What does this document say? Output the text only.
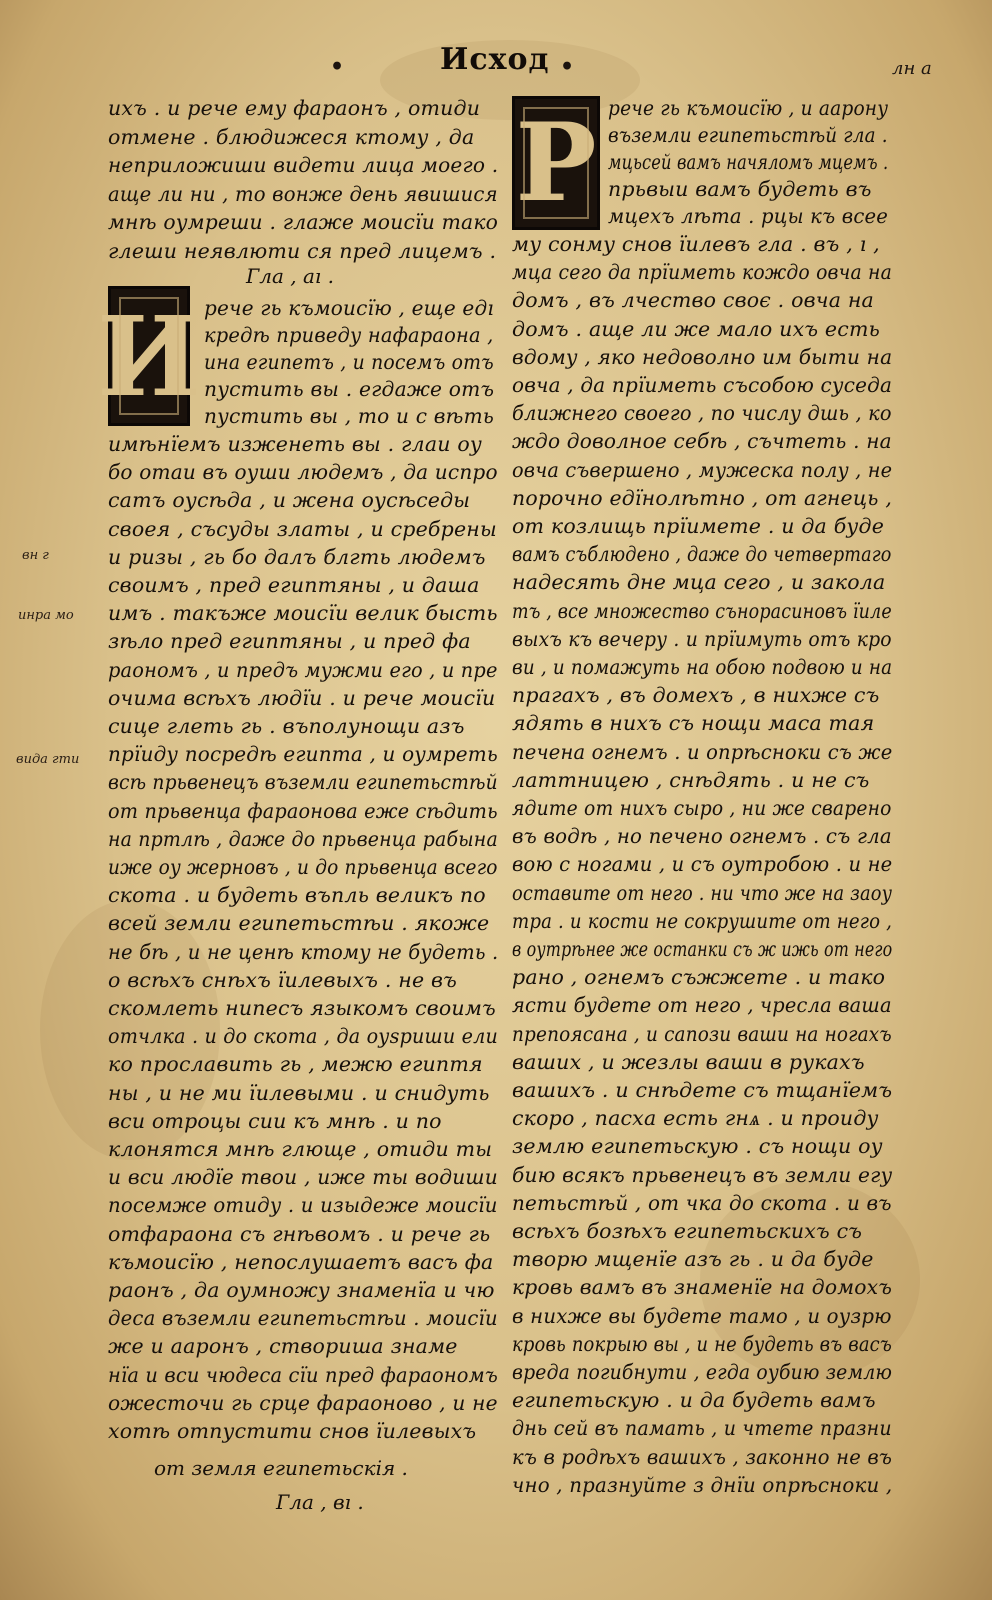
•	Исход •	лн а
ихъ . и рече ему фараонъ , отиди
отмене . блюдижеся ктому , да
неприложиши видети лица моего .
аще ли ни , то вонже день явишися
мнѣ оумреши . глаже моисїи тако
глеши неявлюти ся пред лицемъ .
Гла , аı .
И рече гь къмоисїю , еще едı
кредѣ приведу нафараона ,
ина египетъ , и посемъ отъ
пустить вы . егдаже отъ
пустить вы , то и с вѣть
имѣнїемъ изженеть вы . глаи оу
бо отаи въ оуши людемъ , да испро
сатъ оусѣда , и жена оусѣседы
своея , съсуды златы , и сребрены
и ризы , гь бо далъ блгть людемъ
своимъ , пред египтяны , и даша
имъ . такъже моисїи велик бысть
зѣло пред египтяны , и пред фа
раономъ , и предъ мужми его , и пре
очима всѣхъ людїи . и рече моисїи
сице глеть гь . въполунощи азъ
прїиду посредѣ египта , и оумреть
всѣ прьвенецъ въземли египетьстѣй
от прьвенца фараонова еже сѣдить
на пртлѣ , даже до прьвенца рабына
иже оу жерновъ , и до прьвенца всего
скота . и будеть въпль великъ по
всей земли египетьстѣи . якоже
не бѣ , и не ценѣ ктому не будеть .
о всѣхъ снѣхъ їилевыхъ . не въ
скомлеть нипесъ языкомъ своимъ
отчлка . и до скота , да оуѕриши ели
ко прославить гь , межю египтя
ны , и не ми їилевыми . и снидуть
вси отроцы сии къ мнѣ . и по
клонятся мнѣ глюще , отиди ты
и вси людїе твои , иже ты водиши
посемже отиду . и изыдеже моисїи
отфараона съ гнѣвомъ . и рече гь
къмоисїю , непослушаетъ васъ фа
раонъ , да оумножу знаменїа и чю
деса въземли египетьстѣи . моисїи
же и ааронъ , створиша знаме
нїа и вси чюдеса сїи пред фараономъ
ожесточи гь срце фараоново , и не
хотѣ отпустити снов їилевыхъ
от земля египетьскія .
Гла , вı .
Р рече гь къмоисїю , и аарону
въземли египетьстѣй гла .
мцьсей вамъ начяломъ мцемъ .
прьвыи вамъ будеть въ
мцехъ лѣта . рцы къ всее
му сонму снов їилевъ гла . въ , ı ,
мца сего да прїиметь кождо овча на
домъ , въ лчество своє . овча на
домъ . аще ли же мало ихъ есть
вдому , яко недоволно им быти на
овча , да прїиметь съсобою суседа
ближнего своего , по числу дшь , ко
ждо доволное себѣ , съчтеть . на
овча съвершено , мужеска полу , не
порочно едїнолѣтно , от агнець ,
от козлищь прїимете . и да буде
вамъ съблюдено , даже до четвертаго
надесять дне мца сего , и закола
тъ , все множество сънорасиновъ їиле
выхъ къ вечеру . и прїимуть отъ кро
ви , и помажуть на обою подвою и на
прагахъ , въ домехъ , в нихже съ
ядять в нихъ съ нощи маса тая
печена огнемъ . и опрѣсноки съ же
латтницею , снѣдять . и не съ
ядите от нихъ сыро , ни же сварено
въ водѣ , но печено огнемъ . съ гла
вою с ногами , и съ оутробою . и не
оставите от него . ни что же на заоу
тра . и кости не сокрушите от него ,
в оутрѣнее же останки съ ж ижь от него
рано , огнемъ съжжете . и тако
ясти будете от него , чресла ваша
препоясана , и сапози ваши на ногахъ
ваших , и жезлы ваши в рукахъ
вашихъ . и снѣдете съ тщанїемъ
скоро , пасха есть гнѧ . и проиду
землю египетьскую . съ нощи оу
бию всякъ прьвенецъ въ земли егу
петьстѣй , от чка до скота . и въ
всѣхъ бозѣхъ египетьскихъ съ
творю мщенїе азъ гь . и да буде
кровь вамъ въ знаменїе на домохъ
в нихже вы будете тамо , и оузрю
кровь покрыю вы , и не будеть въ васъ
вреда погибнути , егда оубию землю
египетьскую . и да будеть вамъ
днь сей въ памать , и чтете празни
къ в родѣхъ вашихъ , законно не въ
чно , празнуйте з днїи опрѣсноки ,
вн г
инра мо
вида гти
